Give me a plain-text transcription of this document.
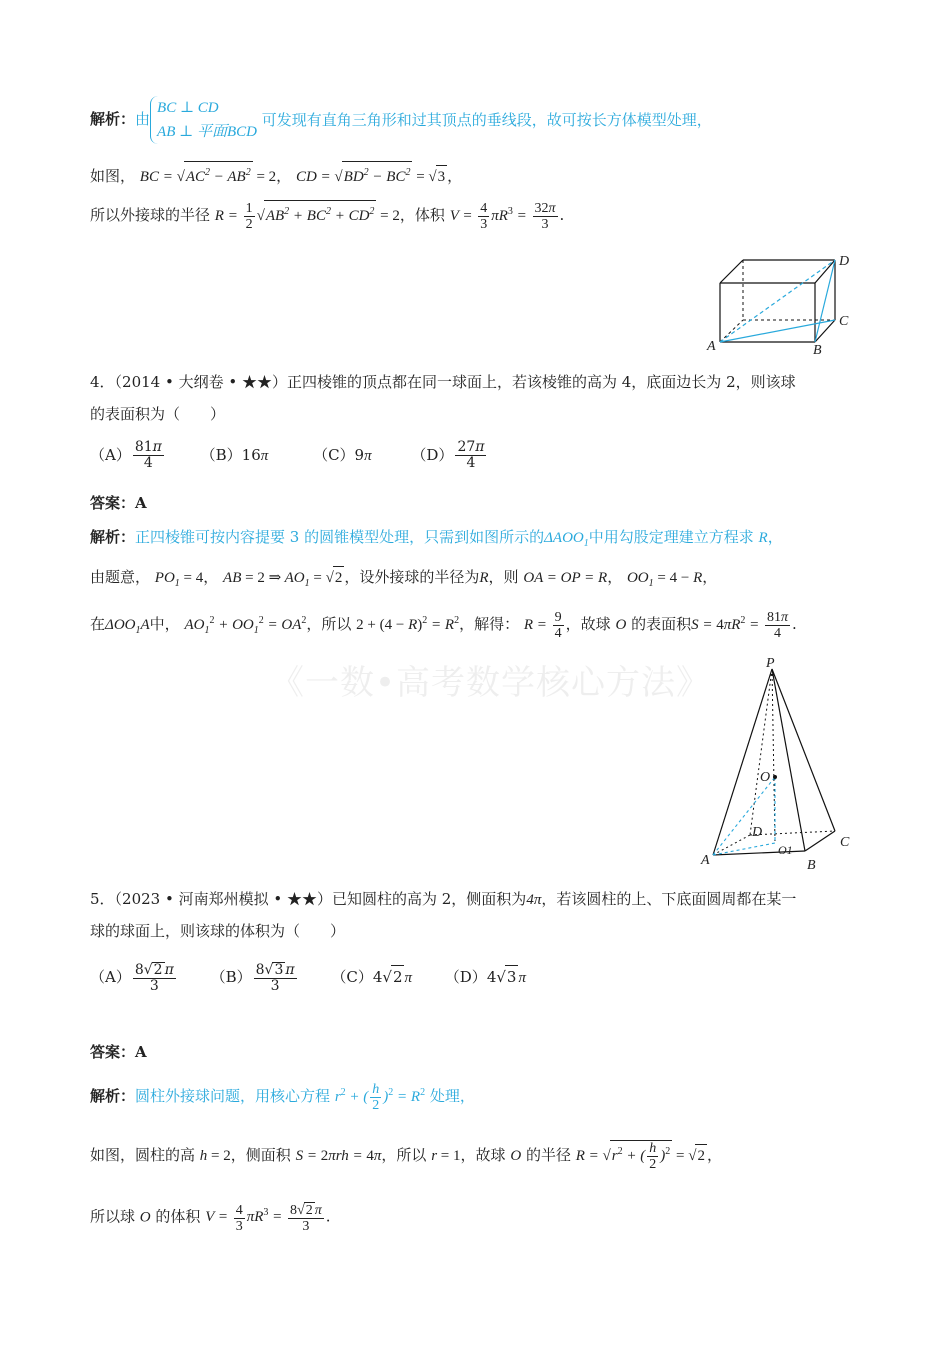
解析：由
BC ⊥ CD
AB ⊥ 平面BCD
可发现有直角三角形和过其顶点的垂线段，故可按长方体模型处理，
如图， BC = $√AC^2 - AB^2 = 2$， CD = $√BD^2 - BC^2 = √3$ ，
所以外接球的半径 $R = \frac{1}{2} √AB^2 + BC^2 + CD^2 = 2$，体积 $V = \frac{4}{3} \pi R^3 = \frac{32\pi}{3}$ .
A	B
C
D
4．（2014 • 大纲卷 • ★★）正四棱锥的顶点都在同一球面上，若该棱锥的高为 4，底面边长为 2，则该球
的表面积为（　　）
$(A) \frac{81\pi}{4} (B)16\pi$	（C）9π	$(D) \frac{27\pi}{4}$
答案：A
解析：正四棱锥可按内容提要 3 的圆锥模型处理，只需到如图所示的$\Delta AOO_1$中用勾股定理建立方程求 R，
由题意， $PO_1 = 4$， AB = 2 ⇒ $AO_1 = √2$ ，设外接球的半径为R，则 OA = OP = R， $OO_1 = 4 - R$，
在$\Delta OO_1A$中， $AO_1^2 + OO_1^2 = OA^2$，所以 $2 + (4 - R)^2 = R^2$，解得： $R = \frac{9}{4}$ ，故球 O 的表面积$S = 4\pi R^2 = \frac{81\pi}{4}$ .
《一数•高考数学核心方法》	P
O
D
C
A	B
O1
5．（2023 • 河南郑州模拟 • ★★）已知圆柱的高为 2，侧面积为4π，若该圆柱的上、下底面圆周都在某一
球的球面上，则该球的体积为（　　）
$(A) \frac{8√2 \pi}{3} (B) \frac{8√3 \pi}{3} (C)4√2$ π （D）4√3 π
答案：A
解析：圆柱外接球问题，用核心方程 $r^2$ + ( $\frac{h}{2} )^2 = R^2$ 处理，
如图，圆柱的高 h = 2，侧面积 S = 2πrh = 4π，所以 r = 1，故球 O 的半径 $R = √r^2$ + ( $\frac{h}{2} )^2 = √2$ ，
所以球 O 的体积 $V = \frac{4}{3} \pi R^3 = \frac{8√2 \pi}{3}$ .
